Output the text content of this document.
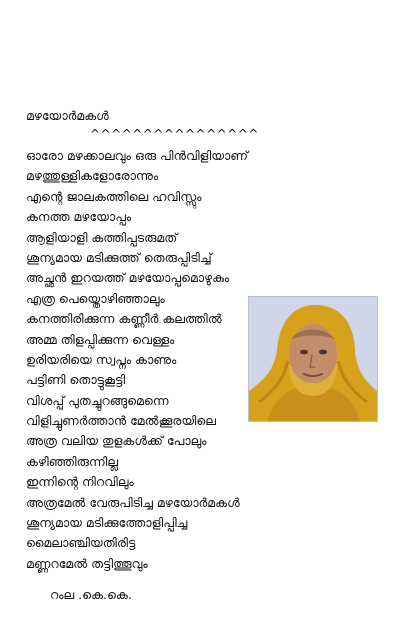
മഴയോർമകൾ
^^^^^^^^^^^^^^^^
ഓരോ മഴക്കാലവും ഒരു പിൻവിളിയാണ്
മഴത്തുള്ളികളോരോന്നും
എന്റെ ജാലകത്തിലെ ഹവിസ്സും
കനത്ത മഴയോപ്പം
ആളിയാളി കത്തിപ്പടരുമത്
ശൂന്യമായ മടിക്കുത്ത് തെരുപ്പിടിച്ച്
അച്ഛൻ ഇറയത്ത് മഴയോപ്പമൊഴുകും
എത്ര പെയ്തൊഴിഞ്ഞാലും
കനത്തിരിക്കുന്ന കണ്ണീർ കലത്തിൽ
അമ്മ തിളപ്പിക്കുന്ന വെള്ളം
ഉരിയരിയെ സ്വപ്നം കാണും
പട്ടിണി തൊട്ടുകൂട്ടി
വിശപ്പ് പുതച്ചുറങ്ങുമെന്നെ
വിളിച്ചുണർത്താൻ മേൽക്കൂരയിലെ
അത്ര വലിയ തുളകൾക്ക് പോലും
കഴിഞ്ഞിരുന്നില്ല
ഇന്നിന്റെ നിറവിലും
അത്രമേൽ വേരുപിടിച്ച മഴയോർമകൾ
ശൂന്യമായ മടിക്കുത്തോളിപ്പിച്ച
മൈലാഞ്ചിയതിരിട്ട
മണ്ണറമേൽ തട്ടിത്തൂവും
റംല .കെ.കെ.
